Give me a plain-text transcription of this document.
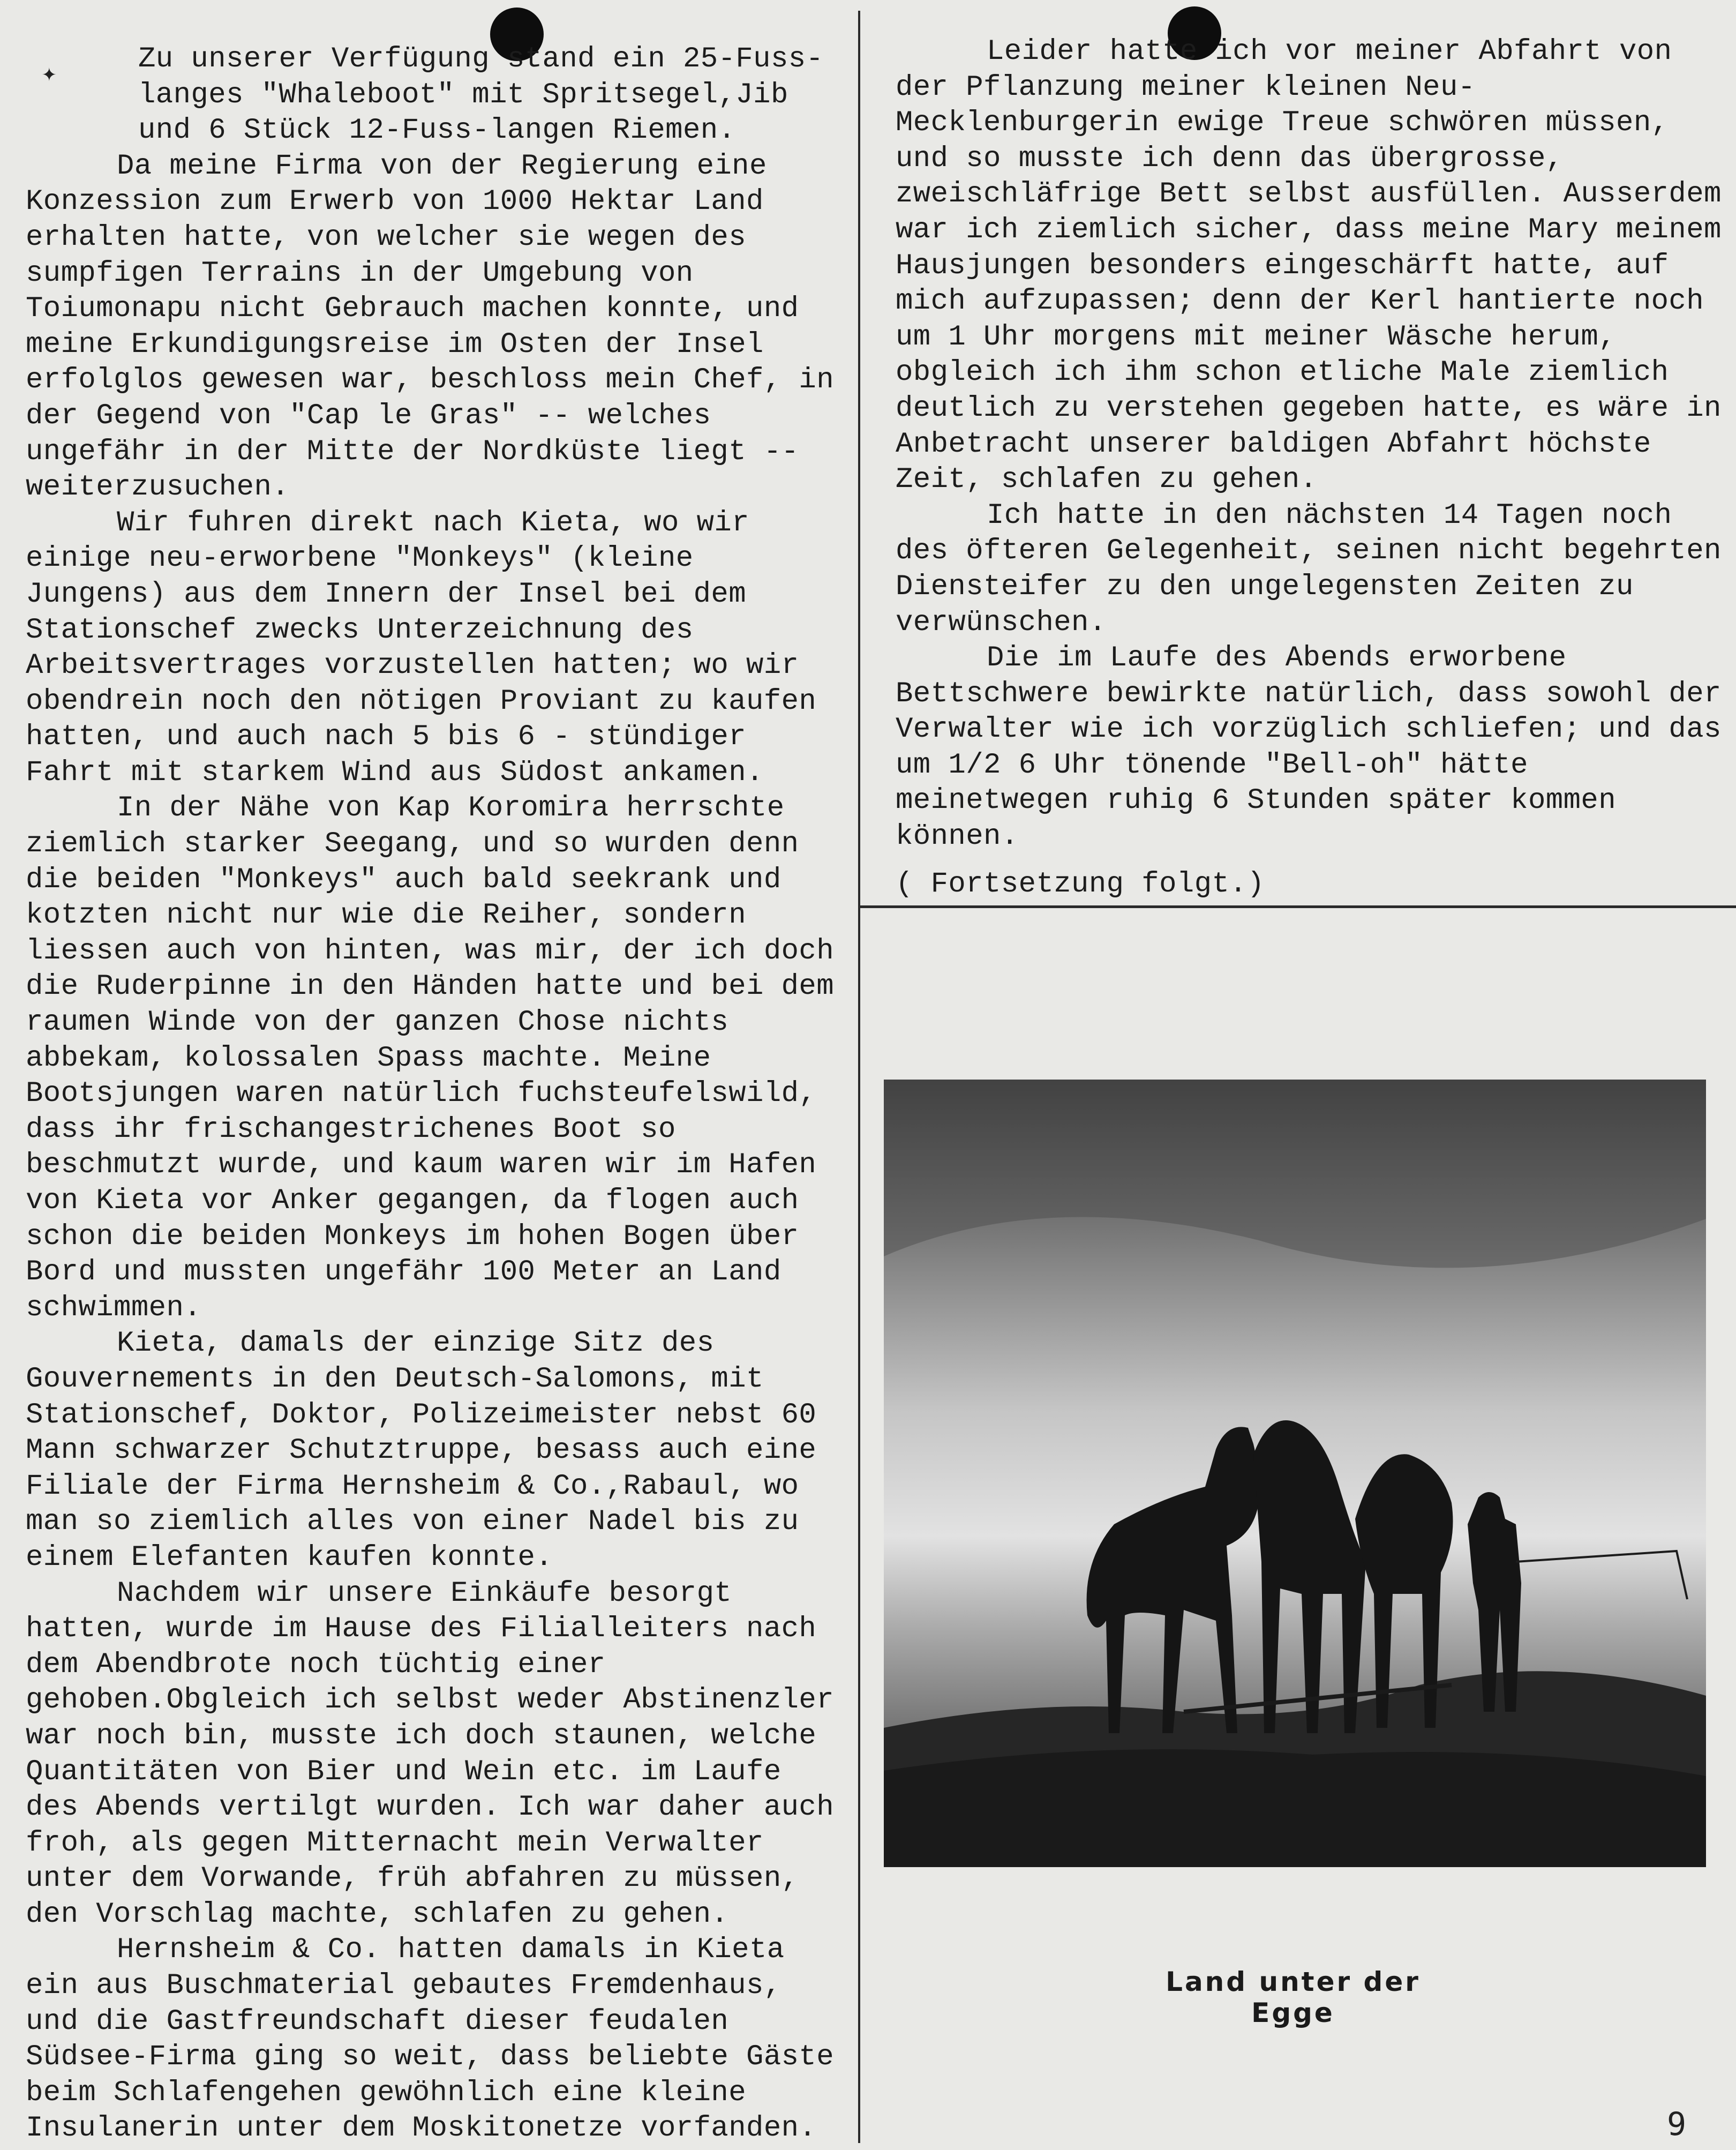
✦	Zu unserer Verfügung stand ein 25-Fuss-langes "Whaleboot" mit Spritsegel,Jib und 6 Stück 12-Fuss-langen Riemen.

Da meine Firma von der Regierung eine Konzession zum Erwerb von 1000 Hektar Land erhalten hatte, von welcher sie wegen des sumpfigen Terrains in der Umgebung von Toiumonapu nicht Gebrauch machen konnte, und meine Erkundigungsreise im Osten der Insel erfolglos gewesen war, beschloss mein Chef, in der Gegend von "Cap le Gras" -- welches ungefähr in der Mitte der Nordküste liegt -- weiterzusuchen.

Wir fuhren direkt nach Kieta, wo wir einige neu-erworbene "Monkeys" (kleine Jungens) aus dem Innern der Insel bei dem Stationschef zwecks Unterzeichnung des Arbeitsvertrages vorzustellen hatten; wo wir obendrein noch den nötigen Proviant zu kaufen hatten, und auch nach 5 bis 6 - stündiger Fahrt mit starkem Wind aus Südost ankamen.

In der Nähe von Kap Koromira herrschte ziemlich starker Seegang, und so wurden denn die beiden "Monkeys" auch bald seekrank und kotzten nicht nur wie die Reiher, sondern liessen auch von hinten, was mir, der ich doch die Ruderpinne in den Händen hatte und bei dem raumen Winde von der ganzen Chose nichts abbekam, kolossalen Spass machte. Meine Bootsjungen waren natürlich fuchsteufelswild, dass ihr frischangestrichenes Boot so beschmutzt wurde, und kaum waren wir im Hafen von Kieta vor Anker gegangen, da flogen auch schon die beiden Monkeys im hohen Bogen über Bord und mussten ungefähr 100 Meter an Land schwimmen.

Kieta, damals der einzige Sitz des Gouvernements in den Deutsch-Salomons, mit Stationschef, Doktor, Polizeimeister nebst 60 Mann schwarzer Schutztruppe, besass auch eine Filiale der Firma Hernsheim & Co.,Rabaul, wo man so ziemlich alles von einer Nadel bis zu einem Elefanten kaufen konnte.

Nachdem wir unsere Einkäufe besorgt hatten, wurde im Hause des Filialleiters nach dem Abendbrote noch tüchtig einer gehoben.Obgleich ich selbst weder Abstinenzler war noch bin, musste ich doch staunen, welche Quantitäten von Bier und Wein etc. im Laufe des Abends vertilgt wurden. Ich war daher auch froh, als gegen Mitternacht mein Verwalter unter dem Vorwande, früh abfahren zu müssen, den Vorschlag machte, schlafen zu gehen.

Hernsheim & Co. hatten damals in Kieta ein aus Buschmaterial gebautes Fremdenhaus, und die Gastfreundschaft dieser feudalen Südsee-Firma ging so weit, dass beliebte Gäste beim Schlafengehen gewöhnlich eine kleine Insulanerin unter dem Moskitonetze vorfanden.

Leider hatte ich vor meiner Abfahrt von der Pflanzung meiner kleinen Neu-Mecklenburgerin ewige Treue schwören müssen, und so musste ich denn das übergrosse, zweischläfrige Bett selbst ausfüllen. Ausserdem war ich ziemlich sicher, dass meine Mary meinem Hausjungen besonders eingeschärft hatte, auf mich aufzupassen; denn der Kerl hantierte noch um 1 Uhr morgens mit meiner Wäsche herum, obgleich ich ihm schon etliche Male ziemlich deutlich zu verstehen gegeben hatte, es wäre in Anbetracht unserer baldigen Abfahrt höchste Zeit, schlafen zu gehen.

Ich hatte in den nächsten 14 Tagen noch des öfteren Gelegenheit, seinen nicht begehrten Diensteifer zu den ungelegensten Zeiten zu verwünschen.

Die im Laufe des Abends erworbene Bettschwere bewirkte natürlich, dass sowohl der Verwalter wie ich vorzüglich schliefen; und das um 1/2 6 Uhr tönende "Bell-oh" hätte meinetwegen ruhig 6 Stunden später kommen können.

( Fortsetzung folgt.)

Land unter der Egge
9
